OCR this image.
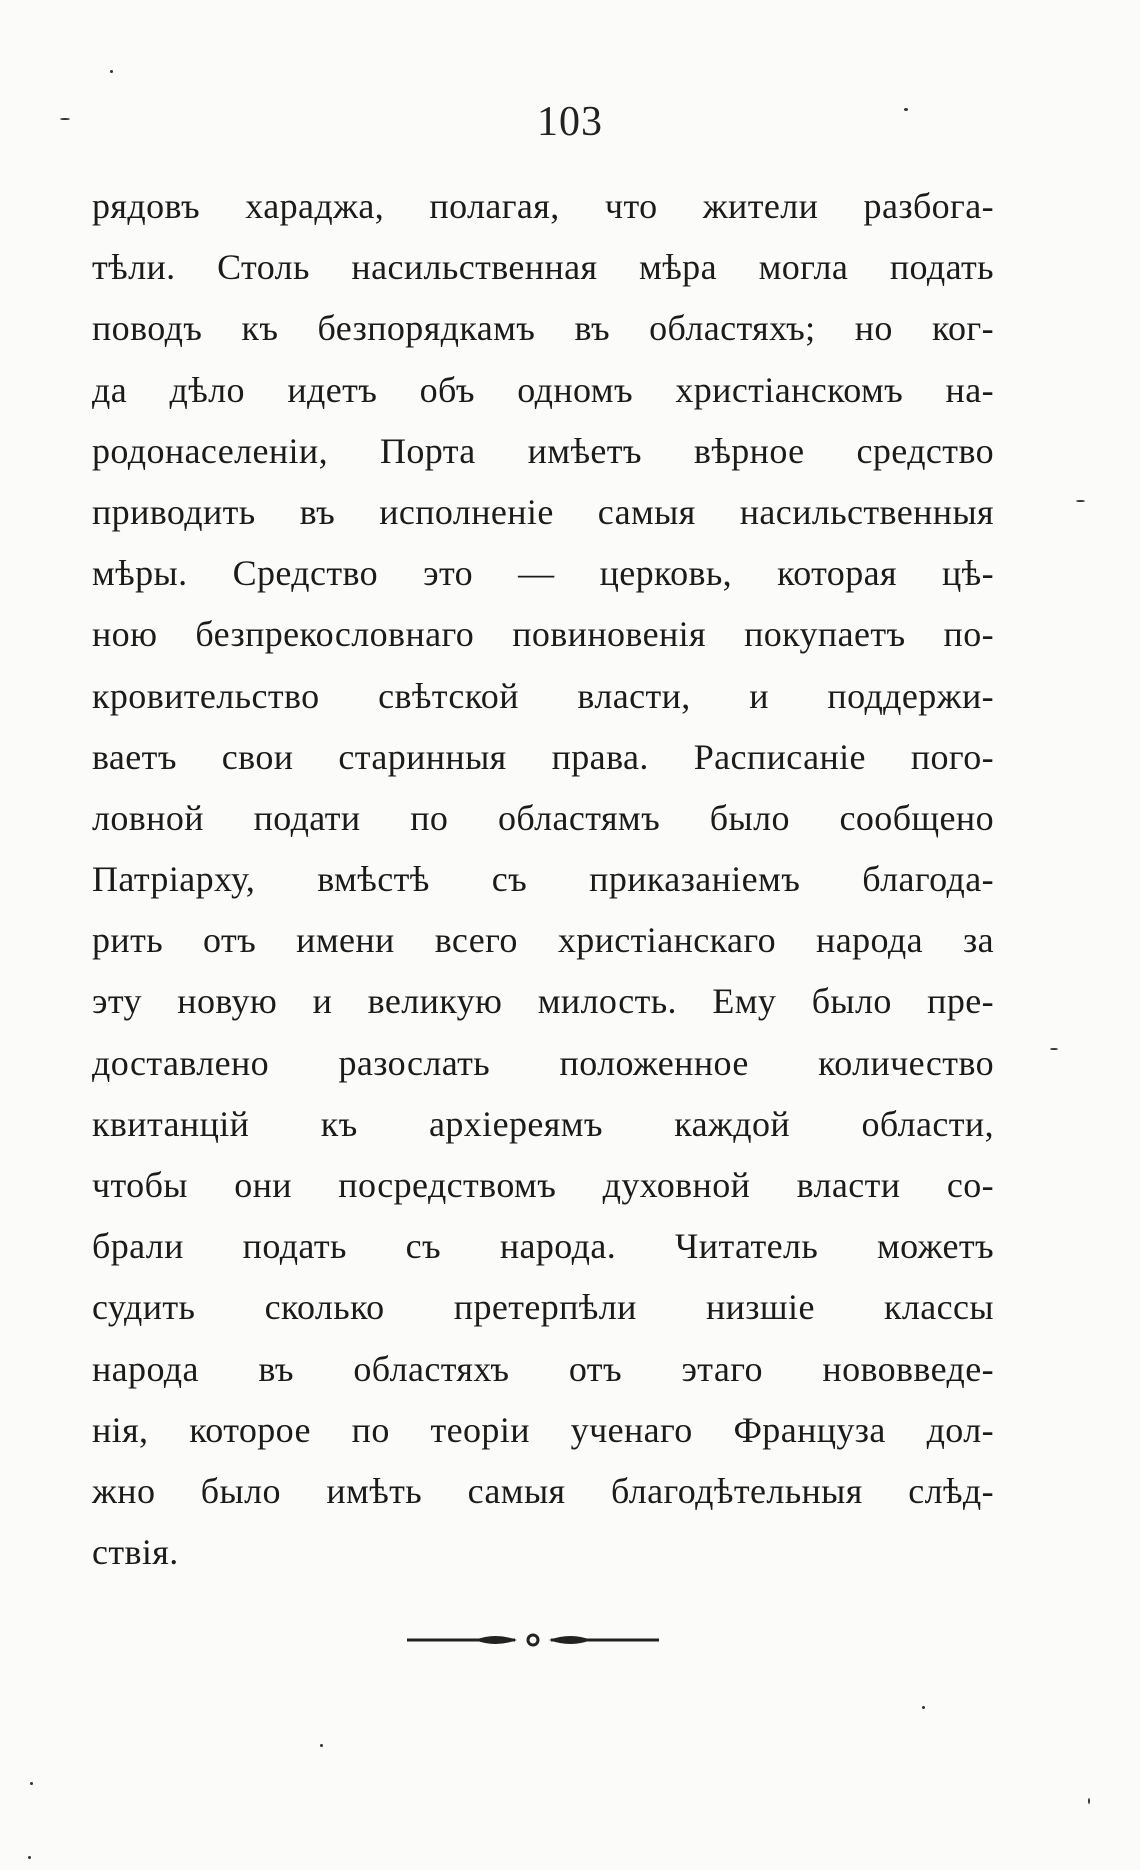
103
рядовъ хараджа, полагая, что жители разбога-
тѣли. Столь насильственная мѣра могла подать
поводъ къ безпорядкамъ въ областяхъ; но ког-
да дѣло идетъ объ одномъ христіанскомъ на-
родонаселеніи, Порта имѣетъ вѣрное средство
приводить въ исполненіе самыя насильственныя
мѣры. Средство это — церковь, которая цѣ-
ною безпрекословнаго повиновенія покупаетъ по-
кровительство свѣтской власти, и поддержи-
ваетъ свои старинныя права. Расписаніе пого-
ловной подати по областямъ было сообщено
Патріарху, вмѣстѣ съ приказаніемъ благода-
рить отъ имени всего христіанскаго народа за
эту новую и великую милость. Ему было пре-
доставлено разослать положенное количество
квитанцій къ архіереямъ каждой области,
чтобы они посредствомъ духовной власти со-
брали подать съ народа. Читатель можетъ
судить сколько претерпѣли низшіе классы
народа въ областяхъ отъ этаго нововведе-
нія, которое по теоріи ученаго Француза дол-
жно было имѣть самыя благодѣтельныя слѣд-
ствія.
